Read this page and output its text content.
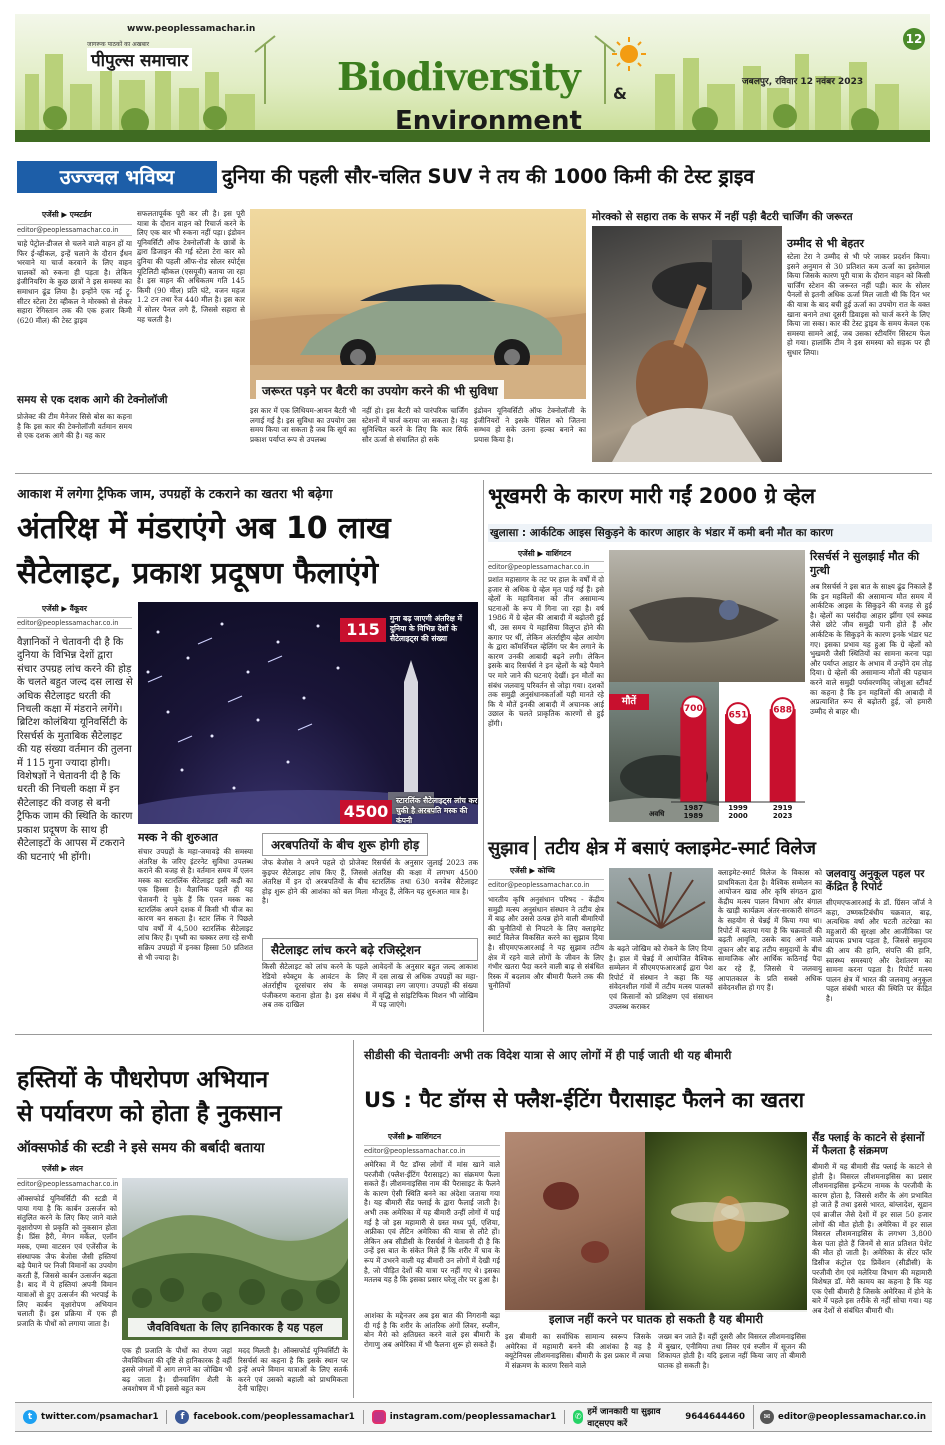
www.peoplessamachar.in
जागरूक पाठकों का अखबार
पीपुल्स समाचार	Biodiversity &
Environment
12
जबलपुर, रविवार 12 नवंबर 2023
उज्ज्वल भविष्य	दुनिया की पहली सौर-चलित SUV ने तय की 1000 किमी की टेस्ट ड्राइव
एजेंसी ▶ एम्स्टर्डम
editor@peoplessamachar.co.in
चाहे पेट्रोल-डीजल से चलने वाले वाहन हों या फिर ई-व्हीकल, इन्हें चलाने के दौरान ईंधन भरवाने या चार्ज करवाने के लिए वाहन चालकों को रुकना ही पड़ता है। लेकिन इंजीनियरिंग के कुछ छात्रों ने इस समस्या का समाधान ढूंढ लिया है। इन्होंने एक नई ट्रू-सीटर स्टेला टेरा व्हीकल ने मोरक्को से लेकर सहारा रेगिस्तान तक की एक हजार किमी (620 मील) की टेस्ट ड्राइव
समय से एक दशक आगे की टेक्नोलॉजी
प्रोजेक्ट की टीम मैनेजर सिसे बोस का कहना है कि इस कार की टेक्नोलॉजी वर्तमान समय से एक दशक आगे की है। यह कार
सफलतापूर्वक पूरी कर ली है। इस पूरी यात्रा के दौरान वाहन को रिचार्ज करने के लिए एक बार भी रुकना नहीं पड़ा। इंडोवन यूनिवर्सिटी ऑफ टेक्नोलॉजी के छात्रों के द्वारा डिजाइन की गई स्टेला टेरा कार को दुनिया की पहली ऑफ-रोड सोलर स्पोर्ट्स यूटिलिटी व्हीकल (एसयूवी) बताया जा रहा है। इस वाहन की अधिकतम गति 145 किमी (90 मील) प्रति घंटे, वजन महज 1.2 टन तथा रेंज 440 मील है। इस कार में सोलर पैनल लगे हैं, जिससे सहारा से यह चलती है।
जरूरत पड़ने पर बैटरी का उपयोग करने की भी सुविधा
इस कार में एक लिथियम-आयन बैटरी भी लगाई गई है। इस सुविधा का उपयोग उस समय किया जा सकता है जब कि सूर्य का प्रकाश पर्याप्त रूप से उपलब्ध
नहीं हो। इस बैटरी को पारंपरिक चार्जिंग स्टेशनों में चार्ज कराया जा सकता है। यह सुनिश्चित करने के लिए कि कार सिर्फ सौर ऊर्जा से संचालित हो सके
इंडोवन यूनिवर्सिटी ऑफ टेक्नोलॉजी के इंजीनियरों ने इसके पेंसिल को जितना सम्भव हो सके उतना हल्का बनाने का प्रयास किया है।
मोरक्को से सहारा तक के सफर में नहीं पड़ी बैटरी चार्जिंग की जरूरत
उम्मीद से भी बेहतर
स्टेला टेरा ने उम्मीद से भी परे जाकर प्रदर्शन किया। इसने अनुमान से 30 प्रतिशत कम ऊर्जा का इस्तेमाल किया जिसके कारण पूरी यात्रा के दौरान वाहन को किसी चार्जिंग स्टेशन की जरूरत नहीं पड़ी। कार के सोलर पैनलों से इतनी अधिक ऊर्जा मिल जाती थी कि दिन भर की यात्रा के बाद बची हुई ऊर्जा का उपयोग रात के वक्त खाना बनाने तथा दूसरी डिवाइस को चार्ज करने के लिए किया जा सका। कार की टेस्ट ड्राइव के समय केवल एक समस्या सामने आई, जब उसका स्टीयरिंग सिस्टम फेल हो गया। हालांकि टीम ने इस समस्या को सड़क पर ही सुधार लिया।
आकाश में लगेगा ट्रैफिक जाम, उपग्रहों के टकराने का खतरा भी बढ़ेगा
अंतरिक्ष में मंडराएंगे अब 10 लाख
सैटेलाइट, प्रकाश प्रदूषण फैलाएंगे
एजेंसी ▶ वैंकूवर
editor@peoplessamachar.co.in
वैज्ञानिकों ने चेतावनी दी है कि दुनिया के विभिन्न देशों द्वारा संचार उपग्रह लांच करने की होड़ के चलते बहुत जल्द दस लाख से अधिक सैटेलाइट धरती की निचली कक्षा में मंडराने लगेंगे। ब्रिटिश कोलंबिया यूनिवर्सिटी के रिसर्चर्स के मुताबिक सैटेलाइट की यह संख्या वर्तमान की तुलना में 115 गुना ज्यादा होगी। विशेषज्ञों ने चेतावनी दी है कि धरती की निचली कक्षा में इन सैटेलाइट की वजह से बनी ट्रैफिक जाम की स्थिति के कारण प्रकाश प्रदूषण के साथ ही सैटेलाइटों के आपस में टकराने की घटनाएं भी होंगी।
115
गुना बढ़ जाएगी अंतरिक्ष में दुनिया के विभिन्न देशों के सैटेलाइट्स की संख्या
4500
स्टारलिंक सैटेलाइट्स लांच कर चुकी है अरबपति मस्क की कंपनी
मस्क ने की शुरुआत
संचार उपग्रहों के महा-जमावड़े की समस्या अंतरिक्ष के जरिए इंटरनेट सुविधा उपलब्ध कराने की वजह से है। वर्तमान समय में एलन मस्क का स्टारलिंक सैटेलाइट इसी कड़ी का एक हिस्सा है। वैज्ञानिक पहले ही यह चेतावनी दे चुके हैं कि एलन मस्क का स्टारलिंक अपने दशक में किसी भी चीज का कारण बन सकता है। स्टार लिंक ने पिछले पांच वर्षों में 4,500 स्टारलिंक सैटेलाइट लांच किए हैं। पृथ्वी का चक्कर लगा रहे सभी सक्रिय उपग्रहों में इनका हिस्सा 50 प्रतिशत से भी ज्यादा है।
अरबपतियों के बीच शुरू होगी होड़
जेफ बेजोस ने अपने पहले दो प्रोजेक्ट कुइपर सैटेलाइट लांच किए हैं, जिससे अंतरिक्ष में इन दो अरबपतियों के बीच होड़ शुरू होने की आशंका को बल मिला है।
रिसर्चर्स के अनुसार जुलाई 2023 तक अंतरिक्ष की कक्षा में लगभग 4500 स्टारलिंक तथा 630 वनवेब सैटेलाइट मौजूद हैं, लेकिन यह शुरुआत मात्र है।
सैटेलाइट लांच करने बढ़े रजिस्ट्रेशन
किसी सैटेलाइट को लांच करने के पहले रेडियो स्पेक्ट्रम के आवंटन के लिए अंतर्राष्ट्रीय दूरसंचार संघ के समक्ष पंजीकरण कराना होता है। इस संबंध में अब तक दाखिल
आवेदनों के अनुसार बहुत जल्द आकाश में दस लाख से अधिक उपग्रहों का महा-जमावड़ा लग जाएगा। उपग्रहों की संख्या में वृद्धि से सांइटिफिक मिशन भी जोखिम में पड़ जाएंगे।
भूखमरी के कारण मारी गईं 2000 ग्रे व्हेल
खुलासा : आर्कटिक आइस सिकुड़ने के कारण आहार के भंडार में कमी बनी मौत का कारण
एजेंसी ▶ वाशिंगटन
editor@peoplessamachar.co.in
प्रशांत महासागर के तट पर हाल के वर्षों में दो हजार से अधिक ग्रे व्हेल मृत पाई गई हैं। इसे व्हेलों के महाविनाश को तीन असामान्य घटनाओं के रूप में गिना जा रहा है। वर्ष 1986 में ग्रे व्हेल की आबादी में बढ़ोतरी हुई थी, उस समय ये महासिया विलुप्त होने की कगार पर थीं, लेकिन अंतर्राष्ट्रीय व्हेल आयोग के द्वारा कॉमर्शियल व्हेलिंग पर बैन लगाने के कारण उनकी आबादी बढ़ने लगी। लेकिन इसके बाद रिसर्चर्स ने इन व्हेलों के बड़े पैमाने पर मारे जाने की घटनाएं देखीं। इन मौतों का संबंध जलवायु परिवर्तन से जोड़ा गया। दशकों तक समुद्री अनुसंधानकर्ताओं यही मानते रहे कि ये मौतें इनकी आबादी में अचानक आई उछाल के चलते प्राकृतिक कारणों से हुई होंगी।
मौतें
700
1987
1989
651
1999
2000
688
2919
2023
अवधि
रिसर्चर्स ने सुलझाई मौत की गुत्थी
अब रिसर्चर्स ने इस बात के साक्ष्य ढूंढ निकाले हैं कि इन महविलों की असामान्य मौत समय में आर्कटिक आइस के सिकुड़ने की वजह से हुई है। व्हेलों का पसंदीदा आहार झींगा एवं स्क्वड जैसे छोटे जीव समुद्री पानी होते हैं और आर्कटिक के सिकुड़ने के कारण इनके भंडार घट गए। इसका प्रभाव यह हुआ कि ग्रे व्हेलों को भुखमरी जैसी स्थितियों का सामना करना पड़ा और पर्याप्त आहार के अभाव में उन्होंने दम तोड़ दिया। ग्रे व्हेलों की असामान्य मौतों की पहचान करने वाले समुद्री पर्यावरणविद् जोशुआ स्टीवर्ट का कहना है कि इन महविलों की आबादी में अप्रत्याशित रूप से बढ़ोतरी हुई, जो हमारी उम्मीद से बाहर थी।
सुझाव तटीय क्षेत्र में बसाएं क्लाइमेट-स्मार्ट विलेज
एजेंसी ▶ कोच्चि
editor@peoplessamachar.co.in
भारतीय कृषि अनुसंधान परिषद - केंद्रीय समुद्री मत्स्य अनुसंधान संस्थान ने तटीय क्षेत्र में बाढ़ और उससे उत्पन्न होने वाली बीमारियों की चुनौतियों से निपटने के लिए क्लाइमेट स्मार्ट विलेज विकसित करने का सुझाव दिया है। सीएमएफआरआई ने यह सुझाव तटीय क्षेत्र में रहने वाले लोगों के जीवन के लिए गंभीर खतरा पैदा करने वाली बाढ़ से संबंधित रिस्क में बदलाव और बीमारी फैलने तक की चुनौतियों
के बढ़ते जोखिम को रोकने के लिए दिया है। हाल में चेन्नई में आयोजित वैश्विक सम्मेलन में सीएमएफआरआई द्वारा पेश रिपोर्ट में संस्थान ने कहा कि यह संवेदनशील गांवों में तटीय मत्स्य पालकों एवं किसानों को प्रशिक्षण एवं संसाधन उपलब्ध कराकर
क्लाइमेट-स्मार्ट विलेज के विकास को प्राथमिकता देता है। वैश्विक सम्मेलन का आयोजन खाद्य और कृषि संगठन द्वारा केंद्रीय मत्स्य पालन विभाग और बंगाल के खाड़ी कार्यक्रम अंतर-सरकारी संगठन के सहयोग से चेन्नई में किया गया था। रिपोर्ट में बताया गया है कि चक्रवातों की बढ़ती आवृत्ति, उसके बाद आने वाले तूफान और बाढ़ तटीय समुदायों के बीच सामाजिक और आर्थिक कठिनाई पैदा कर रहे हैं, जिससे ये जलवायु आपातकाल के प्रति सबसे अधिक संवेदनशील हो गए हैं।
जलवायु अनुकूल पहल पर केंद्रित है रिपोर्ट
सीएमएफआरआई के डॉ. ग्रिंसन जॉर्ज ने कहा, उष्णकटिबंधीय चक्रवात, बाढ़, अत्यधिक वर्षा और घटती तटरेखा का महुआरों की सुरक्षा और आजीविका पर व्यापक प्रभाव पड़ता है, जिससे समुदाय की आय की हानि, संपत्ति की हानि, स्वास्थ्य समस्याएं और देशांतरण का सामना करना पड़ता है। रिपोर्ट मत्स्य पालन क्षेत्र में भारत की जलवायु अनुकूल पहल संबंधी भारत की स्थिति पर केंद्रित है।
हस्तियों के पौधरोपण अभियान
से पर्यावरण को होता है नुकसान
ऑक्सफोर्ड की स्टडी ने इसे समय की बर्बादी बताया
एजेंसी ▶ लंदन
editor@peoplessamachar.co.in
ऑक्सफोर्ड यूनिवर्सिटी की स्टडी में पाया गया है कि कार्बन उत्सर्जन को संतुलित करने के लिए किए जाने वाले वृक्षारोपण से प्रकृति को नुकसान होता है। प्रिंस हैरी, मेगन मर्केल, एलॉन मस्क, एम्मा वाटसन एवं एजेंसीज के संस्थापक जैफ बेजोस जैसी हस्तियां बड़े पैमाने पर निजी विमानों का उपयोग करती हैं, जिससे कार्बन उत्सर्जन बढ़ता है। बाद में ये हस्तियां अपनी विमान यात्राओं से हुए उत्सर्जन की भरपाई के लिए कार्बन वृक्षारोपण अभियान चलाती हैं। इस प्रक्रिया में एक ही प्रजाति के पौधों को लगाया जाता है।	जैवविविधता के लिए हानिकारक है यह पहल
एक ही प्रजाति के पौधों का रोपण जहां जैवविविधता की दृष्टि से हानिकारक है वहीं इससे जंगलों में आग लगने का जोखिम भी बढ़ जाता है। ग्रीनवाशिंग शैली के अवशोषण में भी इससे बहुत कम
मदद मिलती है। ऑक्सफोर्ड यूनिवर्सिटी के रिसर्चर्स का कहना है कि इसके स्थान पर इन्हें अपने विमान यात्राओं के लिए सतर्क करने एवं उसको बहाली को प्राथमिकता देनी चाहिए।
सीडीसी की चेतावनीः अभी तक विदेश यात्रा से आए लोगों में ही पाई जाती थी यह बीमारी
US : पैट डॉग्स से फ्लैश-ईटिंग पैरासाइट फैलने का खतरा
एजेंसी ▶ वाशिंगटन
editor@peoplessamachar.co.in
अमेरिका में पैट डॉग्स लोगों में मांस खाने वाले परजीवी (फ्लैश-ईटिंग पैरासाइट) का संक्रमण फैला सकते हैं। लीशमनाइसिस नाम की पैरासाइट के फैलने के कारण ऐसी स्थिति बनने का अंदेशा जताया गया है। यह बीमारी सैंड फ्लाई के द्वारा फैलाई जाती है। अभी तक अमेरिका में यह बीमारी उन्हीं लोगों में पाई गई है जो इस महामारी से ग्रस्त मध्य पूर्व, एशिया, अफ्रीका एवं लैटिन अमेरिका की यात्रा से लौटे हों। लेकिन अब सीडीसी के रिसर्चर्स ने चेतावनी दी है कि उन्हें इस बात के संकेत मिले हैं कि शरीर में घाव के रूप में उभरने वाली यह बीमारी उन लोगों में देखी गई है, जो पीड़ित देशों की यात्रा पर नहीं गए थे। इसका मतलब यह है कि इसका प्रसार घरेलू तौर पर हुआ है।
आशंका के मद्देनजर अब इस बात की निगरानी बढ़ा दी गई है कि शरीर के आंतरिक अंगों लिवर, स्प्लीन, बोन मैरो को क्षतिग्रस्त करने वाले इस बीमारी के रोगाणु अब अमेरिका में भी फैलना शुरू हो सकते हैं।
इलाज नहीं करने पर घातक हो सकती है यह बीमारी
इस बीमारी का सर्वाधिक सामान्य स्वरूप जिसके अमेरिका में महामारी बनने की आशंका है वह है क्यूटेनियस लीशमनाइसिस। बीमारी के इस प्रकार में त्वचा में संक्रमण के कारण रिसने वाले
जख्म बन जाते हैं। वहीं दूसरी और विसरल लीशमनाइसिस में बुखार, एनीमिया तथा लिवर एवं स्प्लीन में सूजन की शिकायत होती है। यदि इलाज नहीं किया जाए तो बीमारी घातक हो सकती है।
सैंड फ्लाई के काटने से इंसानों में फैलता है संक्रमण
बीमारी में यह बीमारी सैंड फ्लाई के काटने से होती है। विसरल लीशमनाइसिस का प्रसार लीशमनाइसिस इन्फेंटम नामक के परजीवी के कारण होता है, जिससे शरीर के अंग प्रभावित हो जाते हैं तथा इससे भारत, बांग्लादेश, सूडान एवं ब्राजील जैसे देशों में हर साल 50 हजार लोगों की मौत होती है। अमेरिका में हर साल विसरल लीशमनाइसिस के लगभग 3,800 केस पता होते हैं जिनमें से सात प्रतिशत पेशेंट की मौत हो जाती है। अमेरिका के सेंटर फॉर डिसीज कंट्रोल एंड प्रिवेंशन (सीडीसी) के परजीवी रोग एवं मलेरिया विभाग की महामारी विशेषज्ञ डॉ. मेरी कामय का कहना है कि यह एक ऐसी बीमारी है जिसके अमेरिका में होने के बारे में पहले इस तरीके से नहीं सोचा गया। यह अब देशों से संबंधित बीमारी थी।
t	twitter.com/psamachar1	f	facebook.com/peoplessamachar1	instagram.com/peoplessamachar1 ✆ हमें जानकारी या सुझाव वाट्सएप करें
9644644460	✉ editor@peoplessamachar.co.in
